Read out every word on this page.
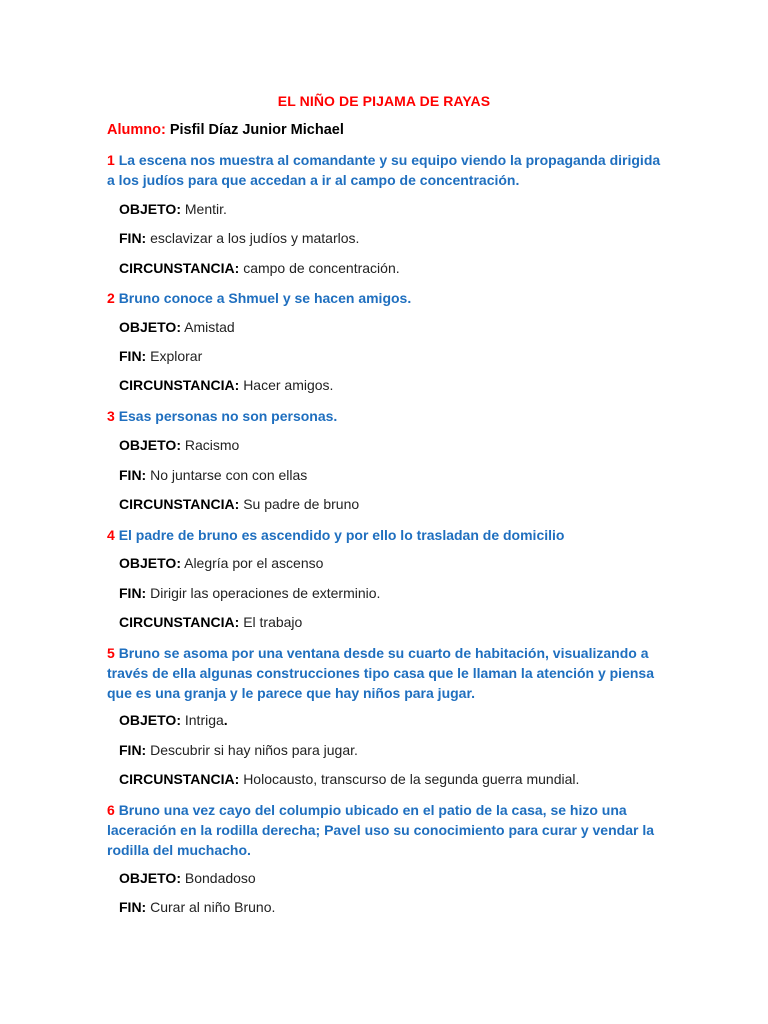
EL NIÑO DE PIJAMA DE RAYAS
Alumno: Pisfil Díaz Junior Michael
1 La escena nos muestra al comandante y su equipo viendo la propaganda dirigida a los judíos para que accedan a ir al campo de concentración.
OBJETO: Mentir.
FIN: esclavizar a los judíos y matarlos.
CIRCUNSTANCIA: campo de concentración.
2 Bruno conoce a Shmuel y se hacen amigos.
OBJETO: Amistad
FIN: Explorar
CIRCUNSTANCIA: Hacer amigos.
3 Esas personas no son personas.
OBJETO: Racismo
FIN: No juntarse con con ellas
CIRCUNSTANCIA: Su padre de bruno
4 El padre de bruno es ascendido y por ello lo trasladan de domicilio
OBJETO: Alegría por el ascenso
FIN: Dirigir las operaciones de exterminio.
CIRCUNSTANCIA: El trabajo
5 Bruno se asoma por una ventana desde su cuarto de habitación, visualizando a través de ella algunas construcciones tipo casa que le llaman la atención y piensa que es una granja y le parece que hay niños para jugar.
OBJETO: Intriga.
FIN: Descubrir si hay niños para jugar.
CIRCUNSTANCIA: Holocausto, transcurso de la segunda guerra mundial.
6 Bruno una vez cayo del columpio ubicado en el patio de la casa, se hizo una laceración en la rodilla derecha; Pavel uso su conocimiento para curar y vendar la rodilla del muchacho.
OBJETO: Bondadoso
FIN: Curar al niño Bruno.
